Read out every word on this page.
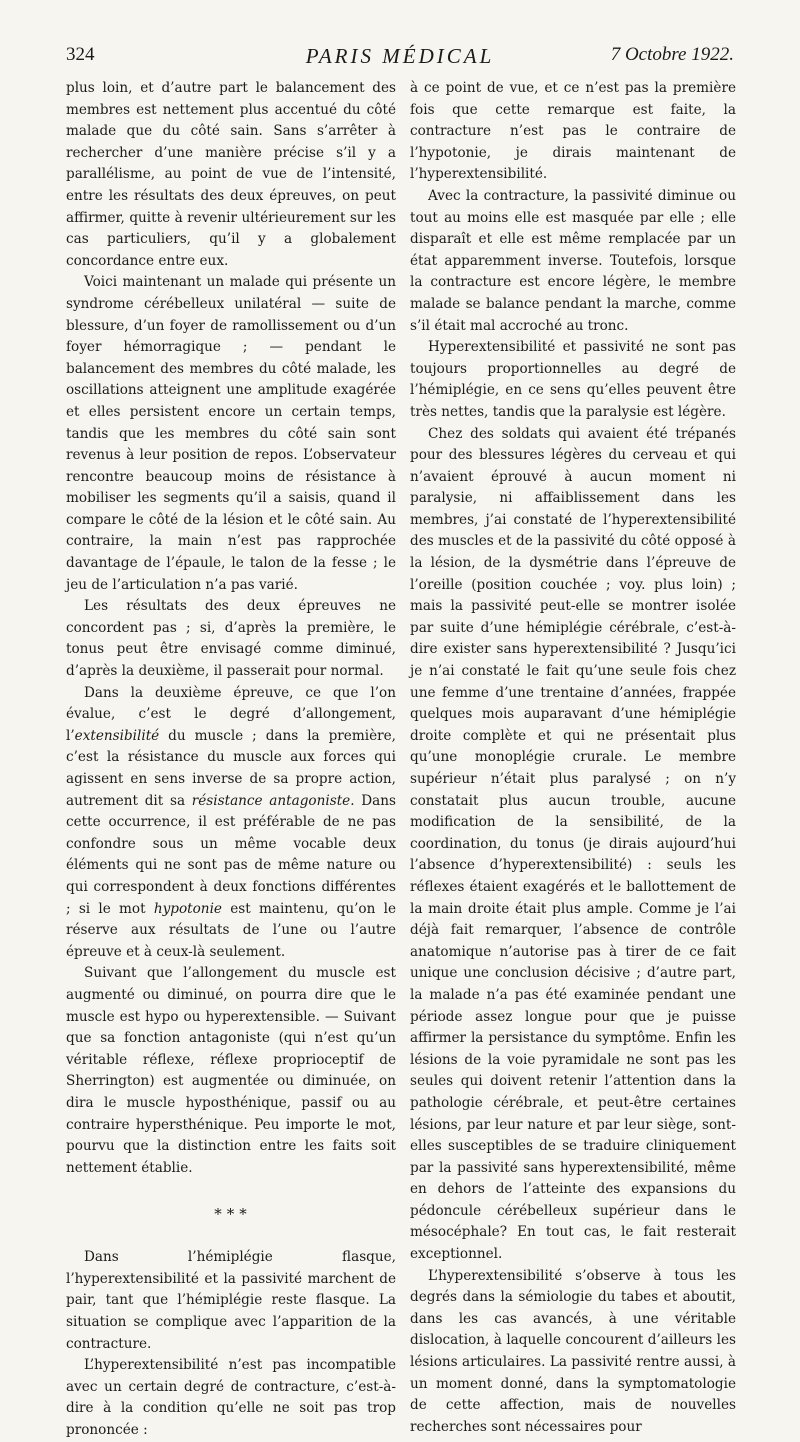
324	PARIS MÉDICAL	7 Octobre 1922.

plus loin, et d’autre part le balancement des membres est nettement plus accentué du côté malade que du côté sain. Sans s’arrêter à rechercher d’une manière précise s’il y a parallélisme, au point de vue de l’intensité, entre les résultats des deux épreuves, on peut affirmer, quitte à revenir ultérieurement sur les cas particuliers, qu’il y a globalement concordance entre eux.

Voici maintenant un malade qui présente un syndrome cérébelleux unilatéral — suite de blessure, d’un foyer de ramollissement ou d’un foyer hémorragique ; — pendant le balancement des membres du côté malade, les oscillations atteignent une amplitude exagérée et elles persistent encore un certain temps, tandis que les membres du côté sain sont revenus à leur position de repos. L’observateur rencontre beaucoup moins de résistance à mobiliser les segments qu’il a saisis, quand il compare le côté de la lésion et le côté sain. Au contraire, la main n’est pas rapprochée davantage de l’épaule, le talon de la fesse ; le jeu de l’articulation n’a pas varié.

Les résultats des deux épreuves ne concordent pas ; si, d’après la première, le tonus peut être envisagé comme diminué, d’après la deuxième, il passerait pour normal.

Dans la deuxième épreuve, ce que l’on évalue, c’est le degré d’allongement, l’extensibilité du muscle ; dans la première, c’est la résistance du muscle aux forces qui agissent en sens inverse de sa propre action, autrement dit sa résistance antagoniste. Dans cette occurrence, il est préférable de ne pas confondre sous un même vocable deux éléments qui ne sont pas de même nature ou qui correspondent à deux fonctions différentes ; si le mot hypotonie est maintenu, qu’on le réserve aux résultats de l’une ou l’autre épreuve et à ceux-là seulement.

Suivant que l’allongement du muscle est augmenté ou diminué, on pourra dire que le muscle est hypo ou hyperextensible. — Suivant que sa fonction antagoniste (qui n’est qu’un véritable réflexe, réflexe proprioceptif de Sherrington) est augmentée ou diminuée, on dira le muscle hyposthénique, passif ou au contraire hypersthénique. Peu importe le mot, pourvu que la distinction entre les faits soit nettement établie.

* * *

Dans l’hémiplégie flasque, l’hyperextensibilité et la passivité marchent de pair, tant que l’hémiplégie reste flasque. La situation se complique avec l’apparition de la contracture.

L’hyperextensibilité n’est pas incompatible avec un certain degré de contracture, c’est-à-dire à la condition qu’elle ne soit pas trop prononcée :

à ce point de vue, et ce n’est pas la première fois que cette remarque est faite, la contracture n’est pas le contraire de l’hypotonie, je dirais maintenant de l’hyperextensibilité.

Avec la contracture, la passivité diminue ou tout au moins elle est masquée par elle ; elle disparaît et elle est même remplacée par un état apparemment inverse. Toutefois, lorsque la contracture est encore légère, le membre malade se balance pendant la marche, comme s’il était mal accroché au tronc.

Hyperextensibilité et passivité ne sont pas toujours proportionnelles au degré de l’hémiplégie, en ce sens qu’elles peuvent être très nettes, tandis que la paralysie est légère.

Chez des soldats qui avaient été trépanés pour des blessures légères du cerveau et qui n’avaient éprouvé à aucun moment ni paralysie, ni affaiblissement dans les membres, j’ai constaté de l’hyperextensibilité des muscles et de la passivité du côté opposé à la lésion, de la dysmétrie dans l’épreuve de l’oreille (position couchée ; voy. plus loin) ; mais la passivité peut-elle se montrer isolée par suite d’une hémiplégie cérébrale, c’est-à-dire exister sans hyperextensibilité ? Jusqu’ici je n’ai constaté le fait qu’une seule fois chez une femme d’une trentaine d’années, frappée quelques mois auparavant d’une hémiplégie droite complète et qui ne présentait plus qu’une monoplégie crurale. Le membre supérieur n’était plus paralysé ; on n’y constatait plus aucun trouble, aucune modification de la sensibilité, de la coordination, du tonus (je dirais aujourd’hui l’absence d’hyperextensibilité) : seuls les réflexes étaient exagérés et le ballottement de la main droite était plus ample. Comme je l’ai déjà fait remarquer, l’absence de contrôle anatomique n’autorise pas à tirer de ce fait unique une conclusion décisive ; d’autre part, la malade n’a pas été examinée pendant une période assez longue pour que je puisse affirmer la persistance du symptôme. Enfin les lésions de la voie pyramidale ne sont pas les seules qui doivent retenir l’attention dans la pathologie cérébrale, et peut-être certaines lésions, par leur nature et par leur siège, sont-elles susceptibles de se traduire cliniquement par la passivité sans hyperextensibilité, même en dehors de l’atteinte des expansions du pédoncule cérébelleux supérieur dans le mésocéphale? En tout cas, le fait resterait exceptionnel.

L’hyperextensibilité s’observe à tous les degrés dans la sémiologie du tabes et aboutit, dans les cas avancés, à une véritable dislocation, à laquelle concourent d’ailleurs les lésions articulaires. La passivité rentre aussi, à un moment donné, dans la symptomatologie de cette affection, mais de nouvelles recherches sont nécessaires pour
